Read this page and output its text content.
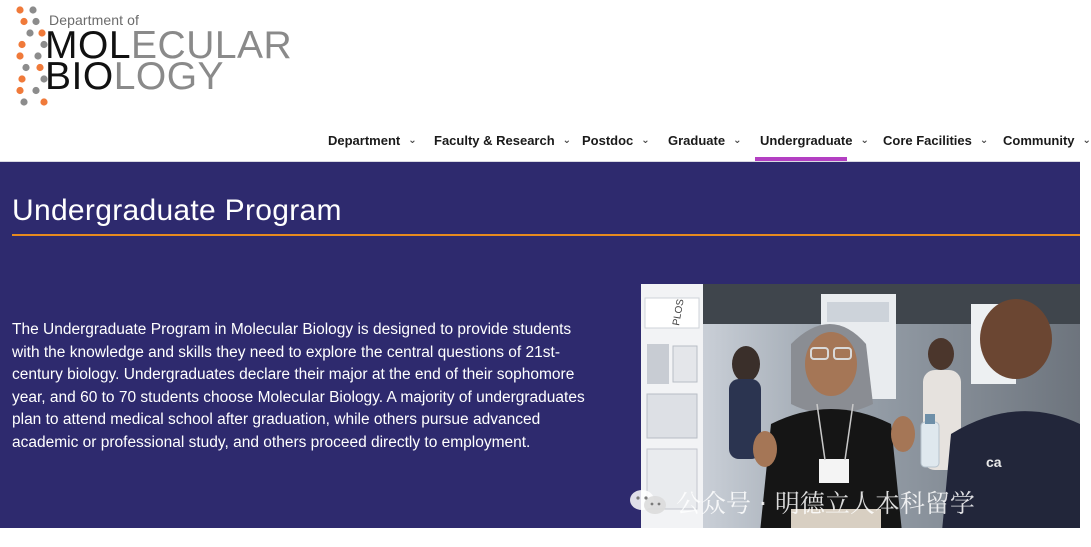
Department of
MOLECULAR
BIOLOGY
Department ⌄ Faculty & Research ⌄ Postdoc ⌄ Graduate ⌄	Undergraduate ⌄ Core Facilities ⌄ Community ⌄
Undergraduate Program

The Undergraduate Program in Molecular Biology is designed to provide students with the knowledge and skills they need to explore the central questions of 21st-century biology. Undergraduates declare their major at the end of their sophomore year, and 60 to 70 students choose Molecular Biology. A majority of undergraduates plan to attend medical school after graduation, while others pursue advanced academic or professional study, and others proceed directly to employment.

PLOS
ca
公众号 · 明德立人本科留学
